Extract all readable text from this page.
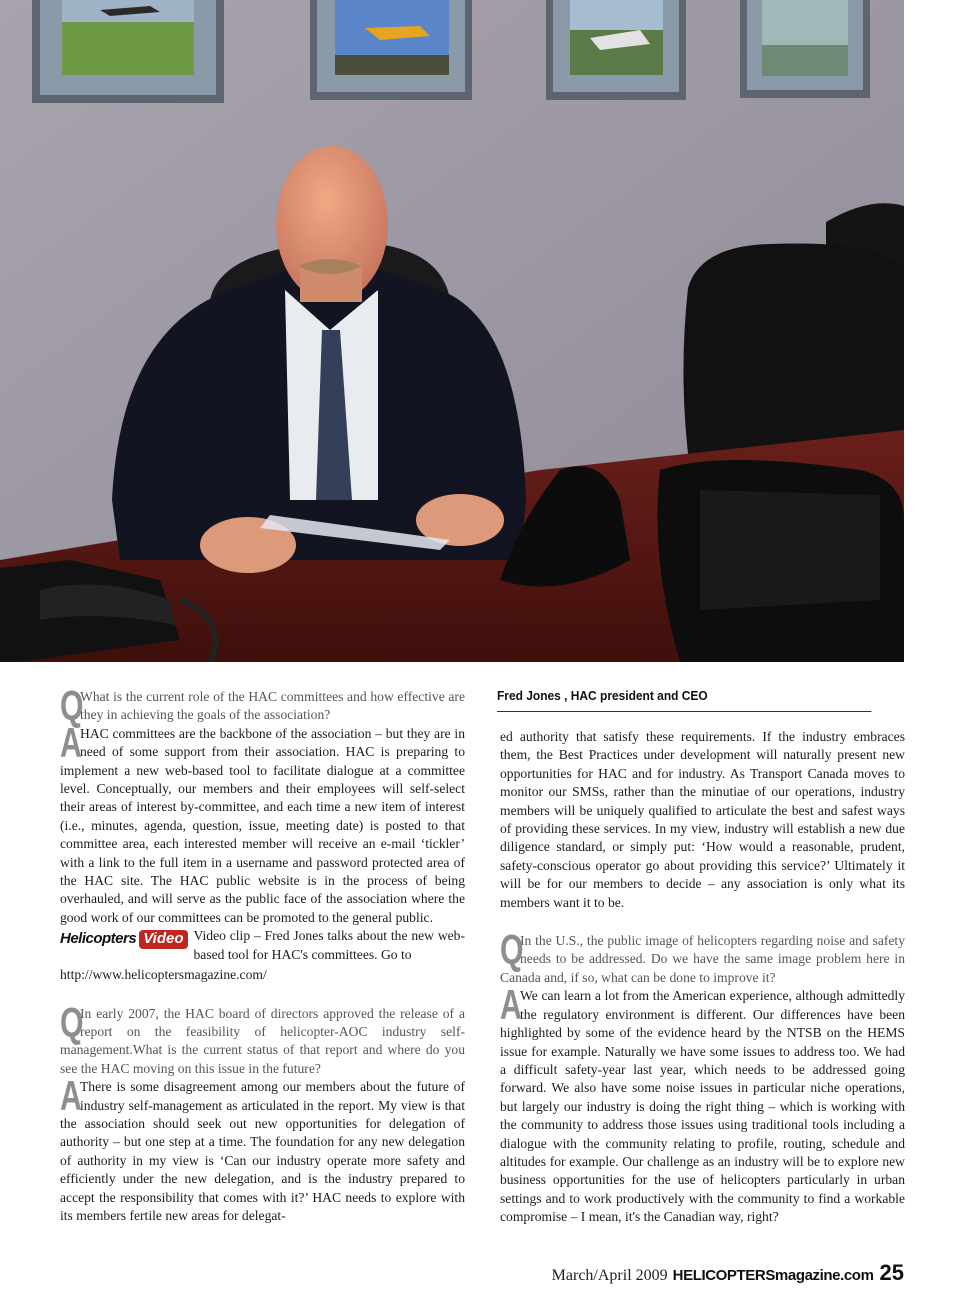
Fred Jones , HAC president and CEO

Q
What is the current role of the HAC committees and how effective are they in achieving the goals of the association?

A
HAC committees are the backbone of the association – but they are in need of some support from their association. HAC is preparing to implement a new web-based tool to facilitate dialogue at a committee level. Conceptually, our members and their employees will self-select their areas of interest by-committee, and each time a new item of interest (i.e., minutes, agenda, question, issue, meeting date) is posted to that committee area, each interested member will receive an e-mail ‘tickler’ with a link to the full item in a username and password protected area of the HAC site. The HAC public website is in the process of being overhauled, and will serve as the public face of the association where the good work of our committees can be promoted to the general public.

Helicopters Video Video clip – Fred Jones talks about the new web-based tool for HAC's committees. Go to
http://www.helicoptersmagazine.com/

Q
In early 2007, the HAC board of directors approved the release of a report on the feasibility of helicopter-AOC industry self-management.What is the current status of that report and where do you see the HAC moving on this issue in the future?

A
There is some disagreement among our members about the future of industry self-management as articulated in the report. My view is that the association should seek out new opportunities for delegation of authority – but one step at a time. The foundation for any new delegation of authority in my view is ‘Can our industry operate more safety and efficiently under the new delegation, and is the industry prepared to accept the responsibility that comes with it?’ HAC needs to explore with its members fertile new areas for delegat-

ed authority that satisfy these requirements. If the industry embraces them, the Best Practices under development will naturally present new opportunities for HAC and for industry. As Transport Canada moves to monitor our SMSs, rather than the minutiae of our operations, industry members will be uniquely qualified to articulate the best and safest ways of providing these services. In my view, industry will establish a new due diligence standard, or simply put: ‘How would a reasonable, prudent, safety-conscious operator go about providing this service?’ Ultimately it will be for our members to decide – any association is only what its members want it to be.

Q
In the U.S., the public image of helicopters regarding noise and safety needs to be addressed. Do we have the same image problem here in Canada and, if so, what can be done to improve it?

A
We can learn a lot from the American experience, although admittedly the regulatory environment is different. Our differences have been highlighted by some of the evidence heard by the NTSB on the HEMS issue for example. Naturally we have some issues to address too. We had a difficult safety-year last year, which needs to be addressed going forward. We also have some noise issues in particular niche operations, but largely our industry is doing the right thing – which is working with the community to address those issues using traditional tools including a dialogue with the community relating to profile, routing, schedule and altitudes for example. Our challenge as an industry will be to explore new business opportunities for the use of helicopters particularly in urban settings and to work productively with the community to find a workable compromise – I mean, it's the Canadian way, right?

March/April 2009 HELICOPTERSmagazine.com 25
